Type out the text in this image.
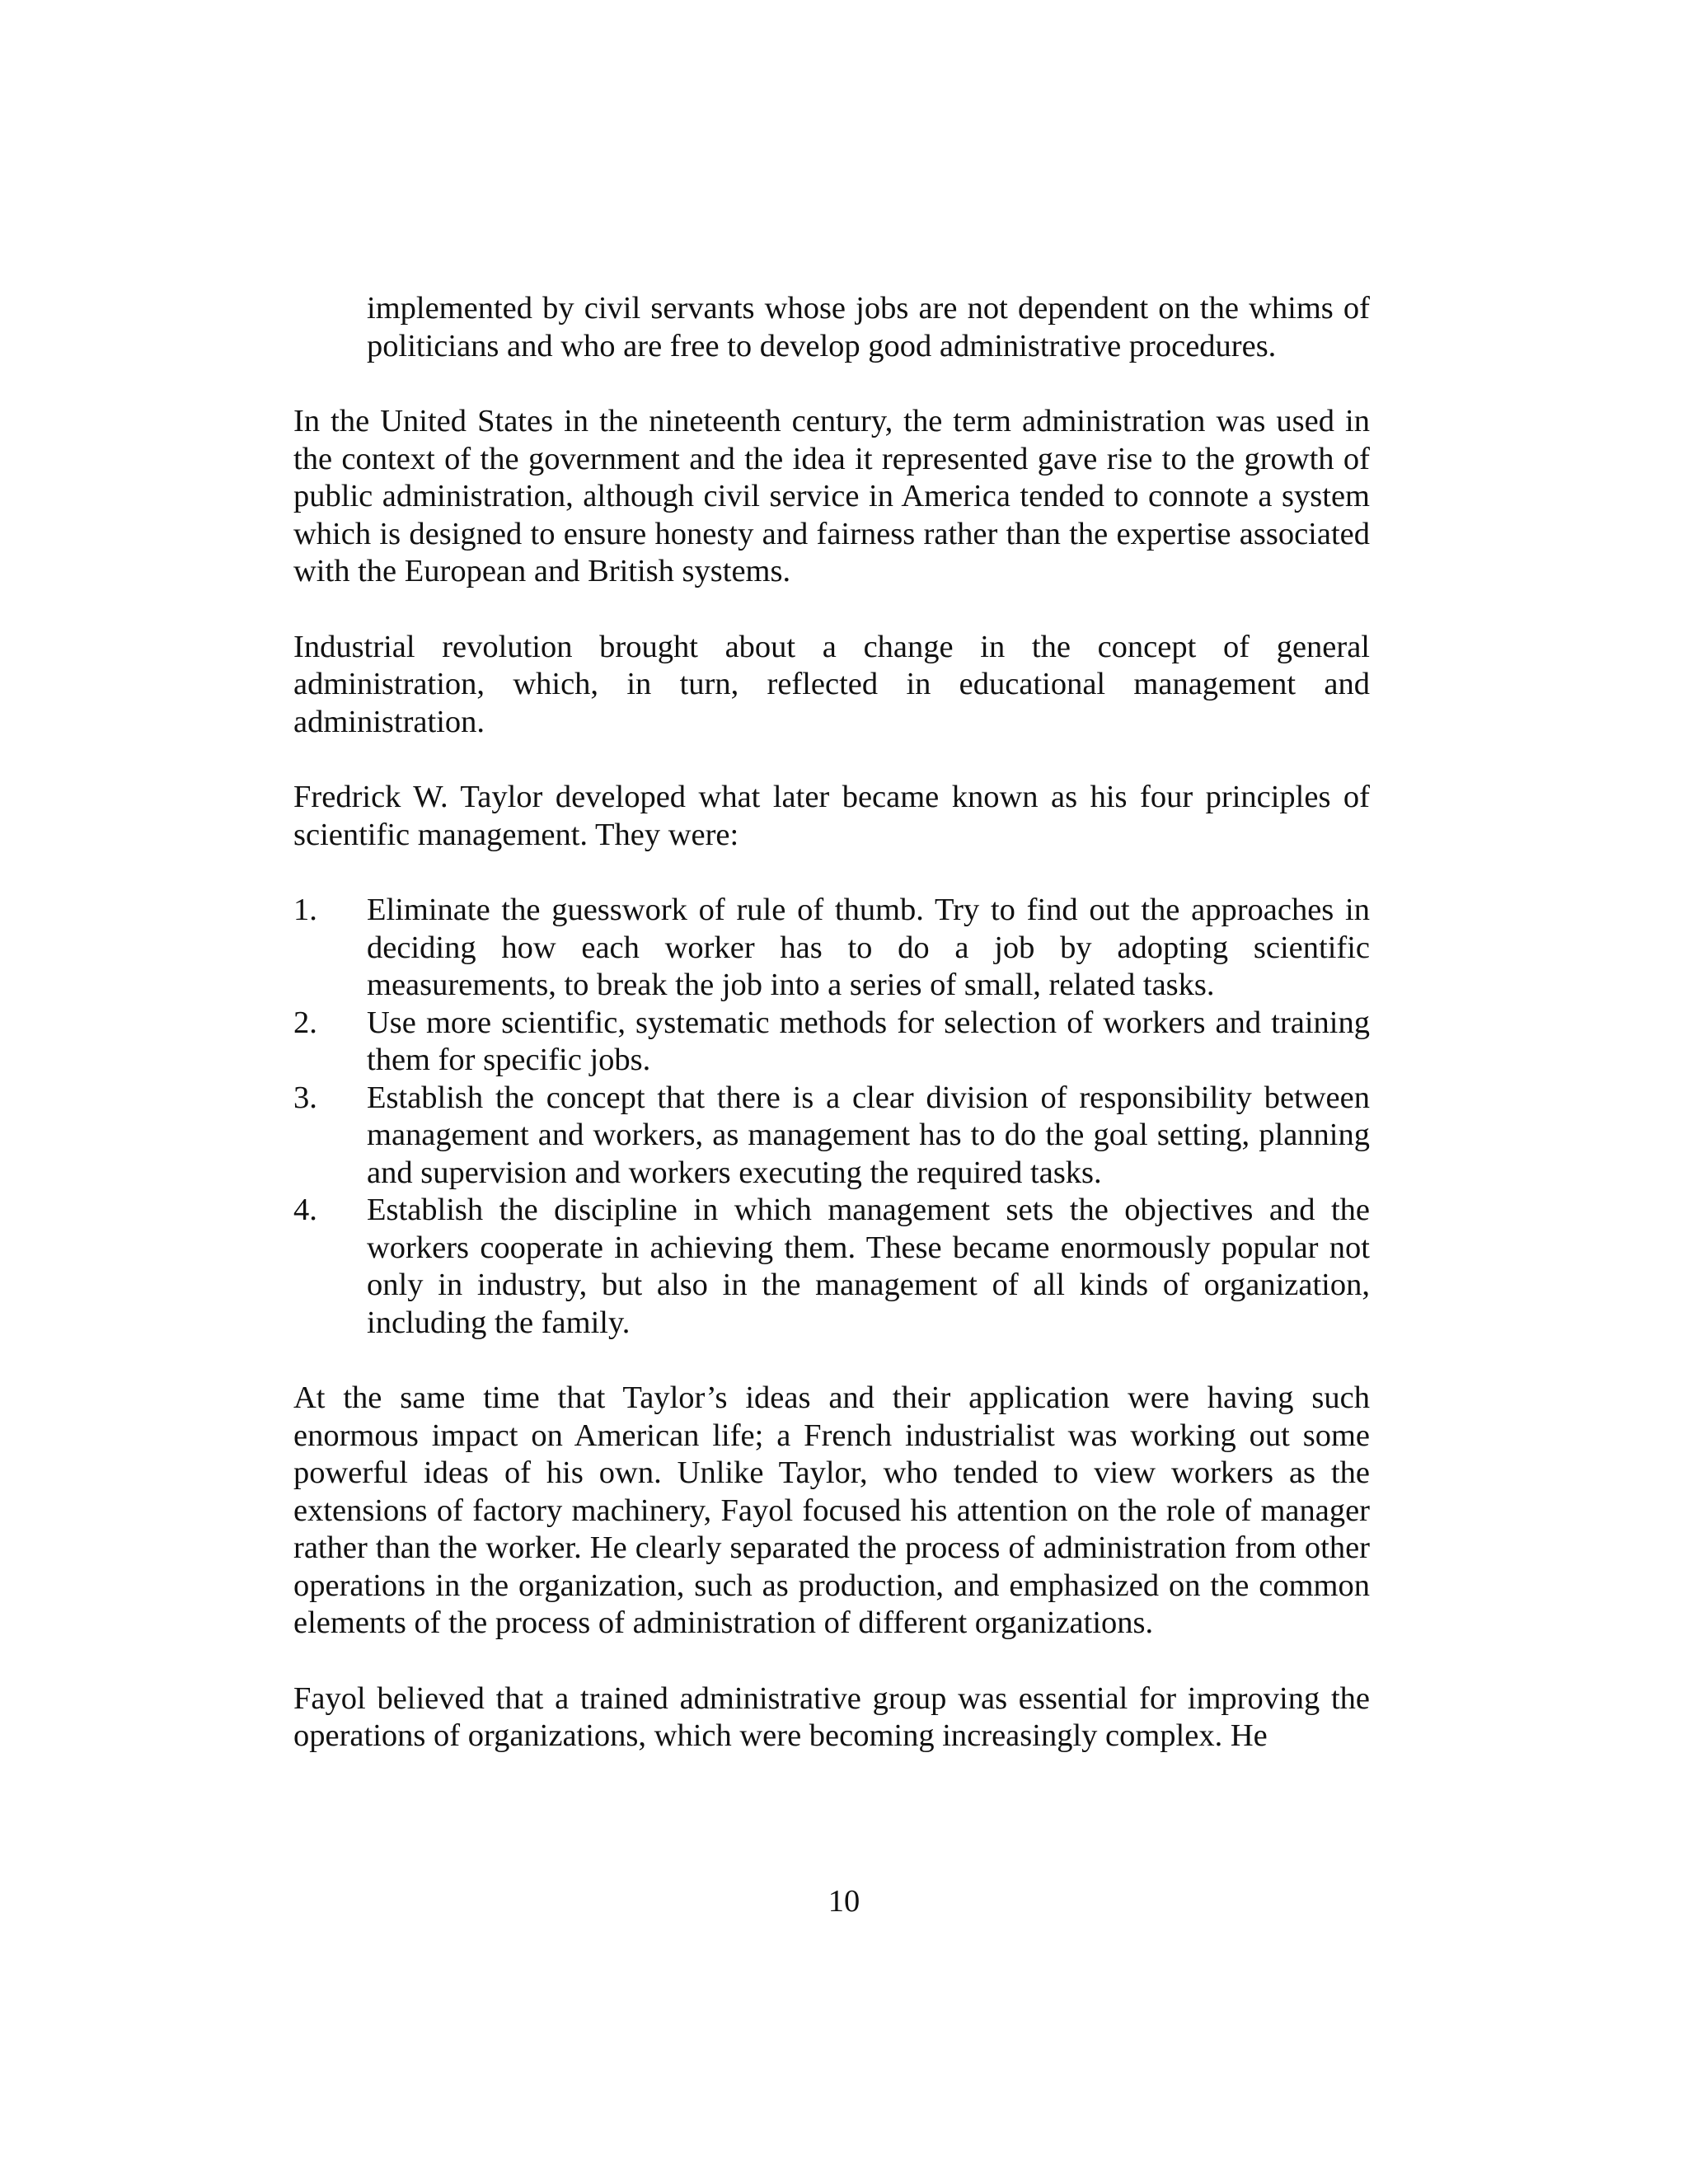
implemented by civil servants whose jobs are not dependent on the whims of politicians and who are free to develop good administrative procedures.

In the United States in the nineteenth century, the term administration was used in the context of the government and the idea it represented gave rise to the growth of public administration, although civil service in America tended to connote a system which is designed to ensure honesty and fairness rather than the expertise associated with the European and British systems.

Industrial revolution brought about a change in the concept of general administration, which, in turn, reflected in educational management and administration.

Fredrick W. Taylor developed what later became known as his four principles of scientific management. They were:

1. Eliminate the guesswork of rule of thumb. Try to find out the approaches in deciding how each worker has to do a job by adopting scientific measurements, to break the job into a series of small, related tasks.
2. Use more scientific, systematic methods for selection of workers and training them for specific jobs.
3. Establish the concept that there is a clear division of responsibility between management and workers, as management has to do the goal setting, planning and supervision and workers executing the required tasks.
4. Establish the discipline in which management sets the objectives and the workers cooperate in achieving them. These became enormously popular not only in industry, but also in the management of all kinds of organization, including the family.

At the same time that Taylor’s ideas and their application were having such enormous impact on American life; a French industrialist was working out some powerful ideas of his own. Unlike Taylor, who tended to view workers as the extensions of factory machinery, Fayol focused his attention on the role of manager rather than the worker. He clearly separated the process of administration from other operations in the organization, such as production, and emphasized on the common elements of the process of administration of different organizations.

Fayol believed that a trained administrative group was essential for improving the operations of organizations, which were becoming increasingly complex. He

10
